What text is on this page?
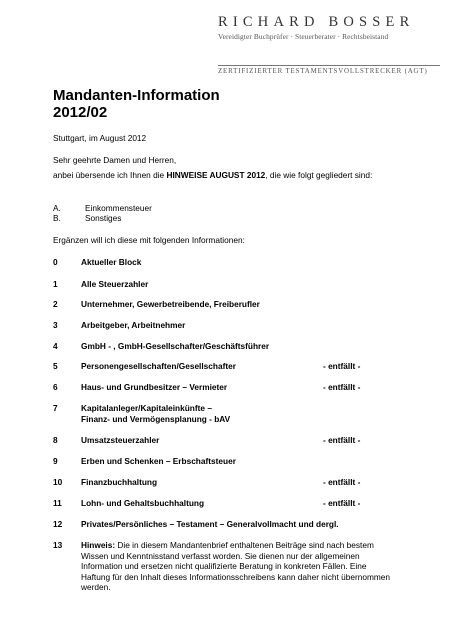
RICHARD BOSSER
Vereidigter Buchprüfer · Steuerberater · Rechtsbeistand
ZERTIFIZIERTER TESTAMENTSVOLLSTRECKER (AGT)
Mandanten-Information
2012/02
Stuttgart, im August 2012
Sehr geehrte Damen und Herren,
anbei übersende ich Ihnen die HINWEISE AUGUST 2012, die wie folgt gegliedert sind:
A.	Einkommensteuer
B.	Sonstiges
Ergänzen will ich diese mit folgenden Informationen:
0	Aktueller Block
1	Alle Steuerzahler
2	Unternehmer, Gewerbetreibende, Freiberufler
3	Arbeitgeber, Arbeitnehmer
4	GmbH - , GmbH-Gesellschafter/Geschäftsführer
5	Personengesellschaften/Gesellschafter	- entfällt -
6	Haus- und Grundbesitzer – Vermieter	- entfällt -
7	Kapitalanleger/Kapitaleinkünfte –
Finanz- und Vermögensplanung - bAV
8	Umsatzsteuerzahler	- entfällt -
9	Erben und Schenken – Erbschaftsteuer
10	Finanzbuchhaltung	- entfällt -
11	Lohn- und Gehaltsbuchhaltung	- entfällt -
12	Privates/Persönliches – Testament – Generalvollmacht und dergl.
13 Hinweis: Die in diesem Mandantenbrief enthaltenen Beiträge sind nach bestem Wissen und Kenntnisstand verfasst worden. Sie dienen nur der allgemeinen Information und ersetzen nicht qualifizierte Beratung in konkreten Fällen. Eine Haftung für den Inhalt dieses Informationsschreibens kann daher nicht übernommen werden.
